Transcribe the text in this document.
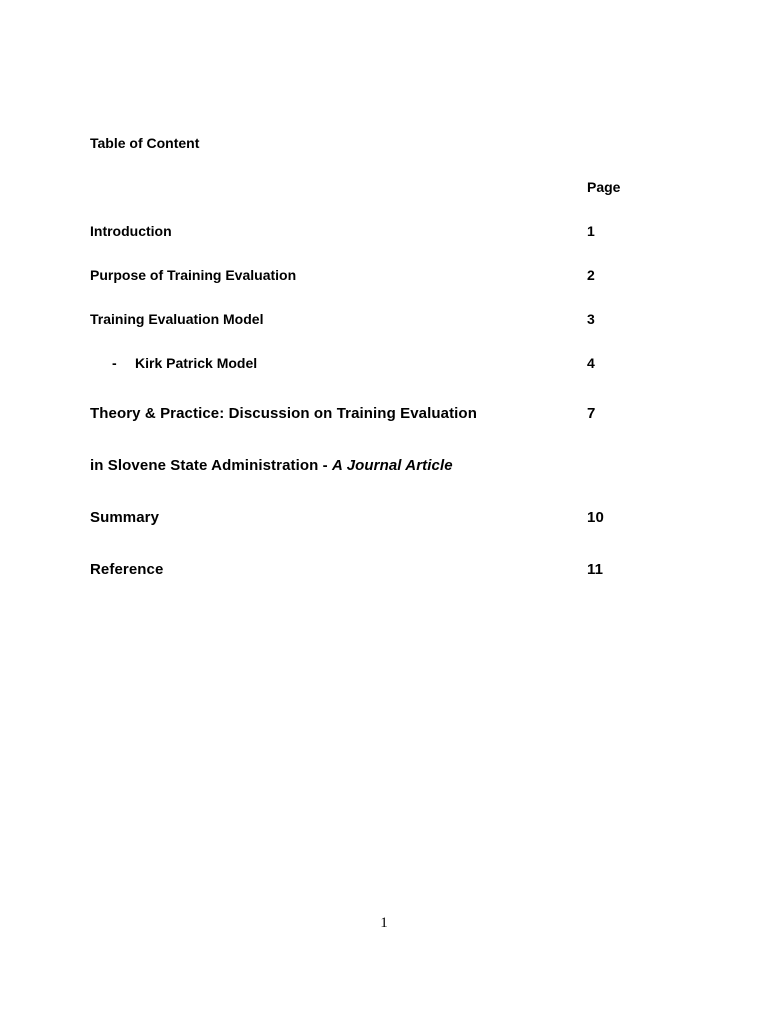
Table of Content
Page
Introduction	1
Purpose of Training Evaluation	2
Training Evaluation Model	3
- Kirk Patrick Model	4
Theory & Practice: Discussion on Training Evaluation	7
in Slovene State Administration - A Journal Article
Summary	10
Reference	11
1
